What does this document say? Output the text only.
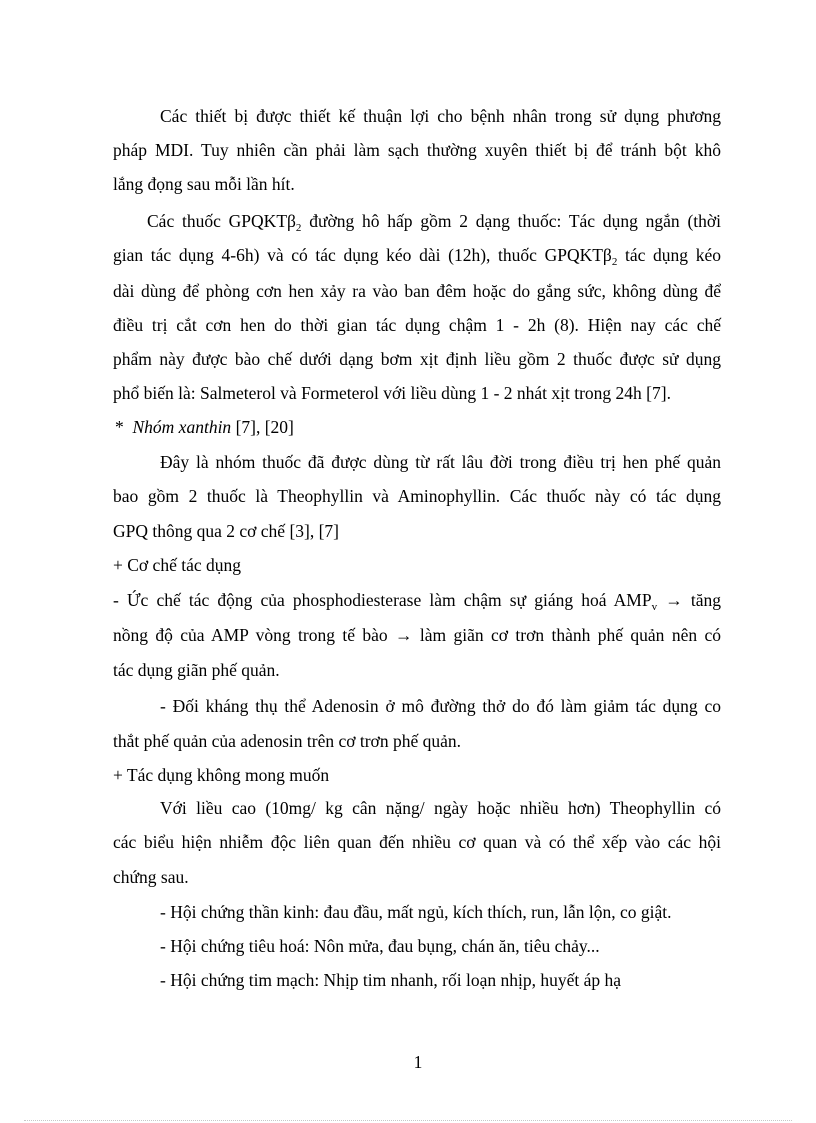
Các thiết bị được thiết kế thuận lợi cho bệnh nhân trong sử dụng phương
pháp MDI. Tuy nhiên cần phải làm sạch thường xuyên thiết bị để tránh bột khô
lắng đọng sau mỗi lần hít.
Các thuốc GPQKTβ$_2$ đường hô hấp gồm 2 dạng thuốc: Tác dụng ngắn (thời
gian tác dụng 4-6h) và có tác dụng kéo dài (12h), thuốc GPQKTβ$_2$ tác dụng kéo
dài dùng để phòng cơn hen xảy ra vào ban đêm hoặc do gắng sức, không dùng để
điều trị cắt cơn hen do thời gian tác dụng chậm 1 - 2h (8). Hiện nay các chế
phẩm này được bào chế dưới dạng bơm xịt định liều gồm 2 thuốc được sử dụng
phổ biến là: Salmeterol và Formeterol với liều dùng 1 - 2 nhát xịt trong 24h [7].
* Nhóm xanthin [7], [20]
Đây là nhóm thuốc đã được dùng từ rất lâu đời trong điều trị hen phế quản
bao gồm 2 thuốc là Theophyllin và Aminophyllin. Các thuốc này có tác dụng
GPQ thông qua 2 cơ chế [3], [7]
+ Cơ chế tác dụng
- Ức chế tác động của phosphodiesterase làm chậm sự giáng hoá $AMP_v$ → tăng
nồng độ của AMP vòng trong tế bào → làm giãn cơ trơn thành phế quản nên có
tác dụng giãn phế quản.
- Đối kháng thụ thể Adenosin ở mô đường thở do đó làm giảm tác dụng co
thắt phế quản của adenosin trên cơ trơn phế quản.
+ Tác dụng không mong muốn
Với liều cao (10mg/ kg cân nặng/ ngày hoặc nhiều hơn) Theophyllin có
các biểu hiện nhiễm độc liên quan đến nhiều cơ quan và có thể xếp vào các hội
chứng sau.
- Hội chứng thần kinh: đau đầu, mất ngủ, kích thích, run, lẫn lộn, co giật.
- Hội chứng tiêu hoá: Nôn mửa, đau bụng, chán ăn, tiêu chảy...
- Hội chứng tim mạch: Nhịp tim nhanh, rối loạn nhịp, huyết áp hạ
1
